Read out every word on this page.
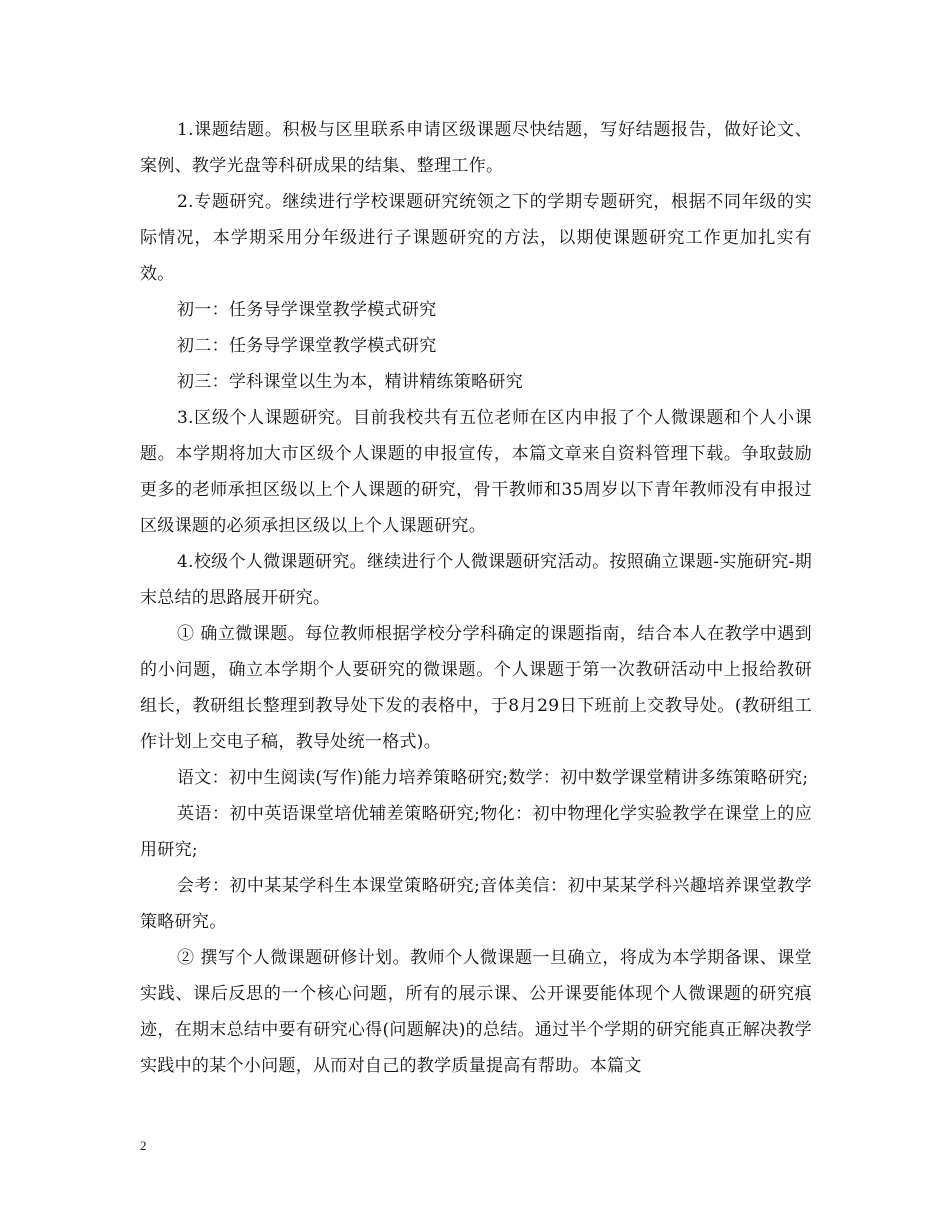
1.课题结题。积极与区里联系申请区级课题尽快结题，写好结题报告，做好论文、案例、教学光盘等科研成果的结集、整理工作。

2.专题研究。继续进行学校课题研究统领之下的学期专题研究，根据不同年级的实际情况，本学期采用分年级进行子课题研究的方法，以期使课题研究工作更加扎实有效。

初一：任务导学课堂教学模式研究

初二：任务导学课堂教学模式研究

初三：学科课堂以生为本，精讲精练策略研究

3.区级个人课题研究。目前我校共有五位老师在区内申报了个人微课题和个人小课题。本学期将加大市区级个人课题的申报宣传，本篇文章来自资料管理下载。争取鼓励更多的老师承担区级以上个人课题的研究，骨干教师和35周岁以下青年教师没有申报过区级课题的必须承担区级以上个人课题研究。

4.校级个人微课题研究。继续进行个人微课题研究活动。按照确立课题-实施研究-期末总结的思路展开研究。

① 确立微课题。每位教师根据学校分学科确定的课题指南，结合本人在教学中遇到的小问题，确立本学期个人要研究的微课题。个人课题于第一次教研活动中上报给教研组长，教研组长整理到教导处下发的表格中，于8月29日下班前上交教导处。(教研组工作计划上交电子稿，教导处统一格式)。

语文：初中生阅读(写作)能力培养策略研究;数学：初中数学课堂精讲多练策略研究;

英语：初中英语课堂培优辅差策略研究;物化：初中物理化学实验教学在课堂上的应用研究;

会考：初中某某学科生本课堂策略研究;音体美信：初中某某学科兴趣培养课堂教学策略研究。

② 撰写个人微课题研修计划。教师个人微课题一旦确立，将成为本学期备课、课堂实践、课后反思的一个核心问题，所有的展示课、公开课要能体现个人微课题的研究痕迹，在期末总结中要有研究心得(问题解决)的总结。通过半个学期的研究能真正解决教学实践中的某个小问题，从而对自己的教学质量提高有帮助。本篇文

2
